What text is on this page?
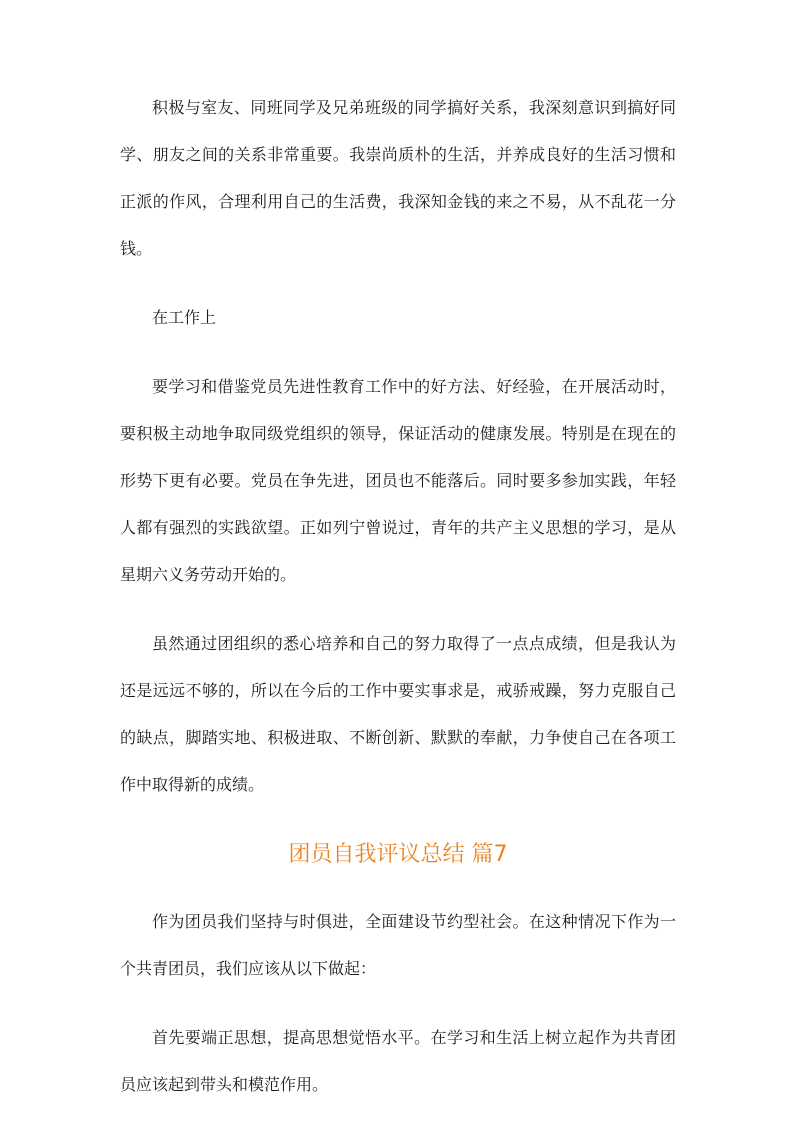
积极与室友、同班同学及兄弟班级的同学搞好关系，我深刻意识到搞好同学、朋友之间的关系非常重要。我崇尚质朴的生活，并养成良好的生活习惯和正派的作风，合理利用自己的生活费，我深知金钱的来之不易，从不乱花一分钱。

在工作上

要学习和借鉴党员先进性教育工作中的好方法、好经验，在开展活动时，要积极主动地争取同级党组织的领导，保证活动的健康发展。特别是在现在的形势下更有必要。党员在争先进，团员也不能落后。同时要多参加实践，年轻人都有强烈的实践欲望。正如列宁曾说过，青年的共产主义思想的学习，是从星期六义务劳动开始的。

虽然通过团组织的悉心培养和自己的努力取得了一点点成绩，但是我认为还是远远不够的，所以在今后的工作中要实事求是，戒骄戒躁，努力克服自己的缺点，脚踏实地、积极进取、不断创新、默默的奉献，力争使自己在各项工作中取得新的成绩。

团员自我评议总结 篇7

作为团员我们坚持与时俱进，全面建设节约型社会。在这种情况下作为一个共青团员，我们应该从以下做起：

首先要端正思想，提高思想觉悟水平。在学习和生活上树立起作为共青团员应该起到带头和模范作用。
